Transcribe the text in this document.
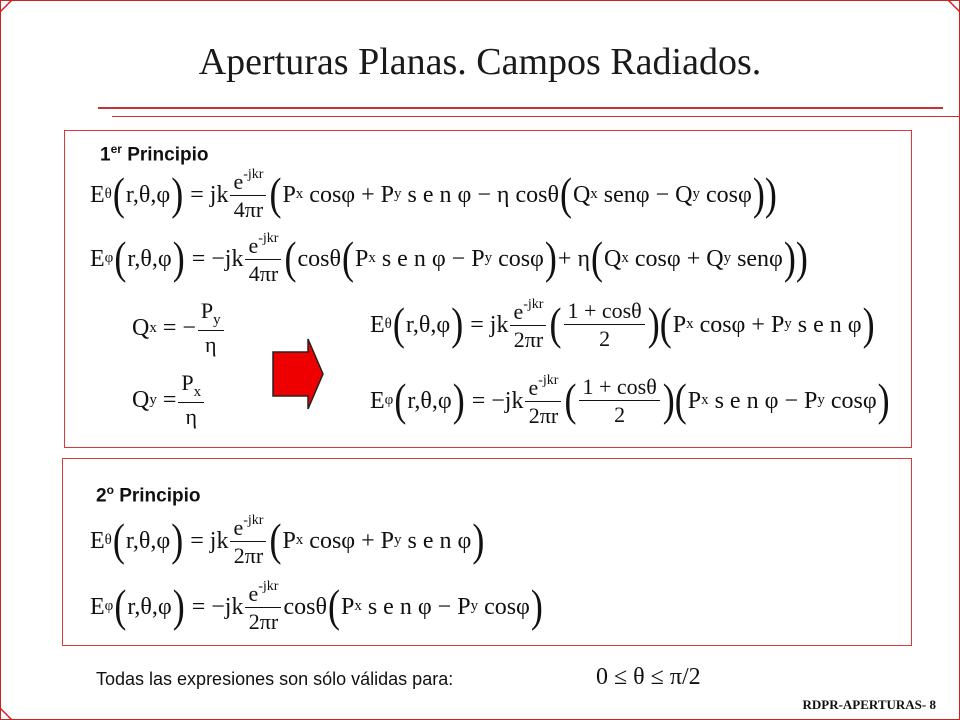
Aperturas Planas. Campos Radiados.
1er Principio
E θ ( r,θ,φ ) = jk $\frac{e^{-jkr}}{4\pi r}$ ( P x cosφ + P y s e n φ − η cosθ ( Q x senφ − Q y cosφ ))
E φ ( r,θ,φ ) = $-jk \frac{e^{-jkr}}{4\pi r}$ ( cosθ ( P x s e n φ − P y cosφ ) + η ( Q x cosφ + Q y senφ ))
Q x = − $\frac{P_y}{\eta}$
Q $y = \frac{P_x}{\eta}$
E θ ( r,θ,φ ) = jk $\frac{e^{-jkr}}{2\pi r}$ ( $\frac{1 + \cos\theta}{2}$ )( P x cosφ + P y s e n φ )
E φ ( r,θ,φ ) = $-jk \frac{e^{-jkr}}{2\pi r}$ ( $\frac{1 + \cos\theta}{2}$ )( P x s e n φ − P y cosφ )
2$^o$ Principio
E θ ( r,θ,φ ) = jk $\frac{e^{-jkr}}{2\pi r}$ ( P x cosφ + P y s e n φ )
E φ ( r,θ,φ ) = $-jk \frac{e^{-jkr}}{2\pi r}$ cosθ ( P x s e n φ − P y cosφ )
Todas las expresiones son sólo válidas para:	0 ≤ θ ≤ π/2
RDPR-APERTURAS- 8
